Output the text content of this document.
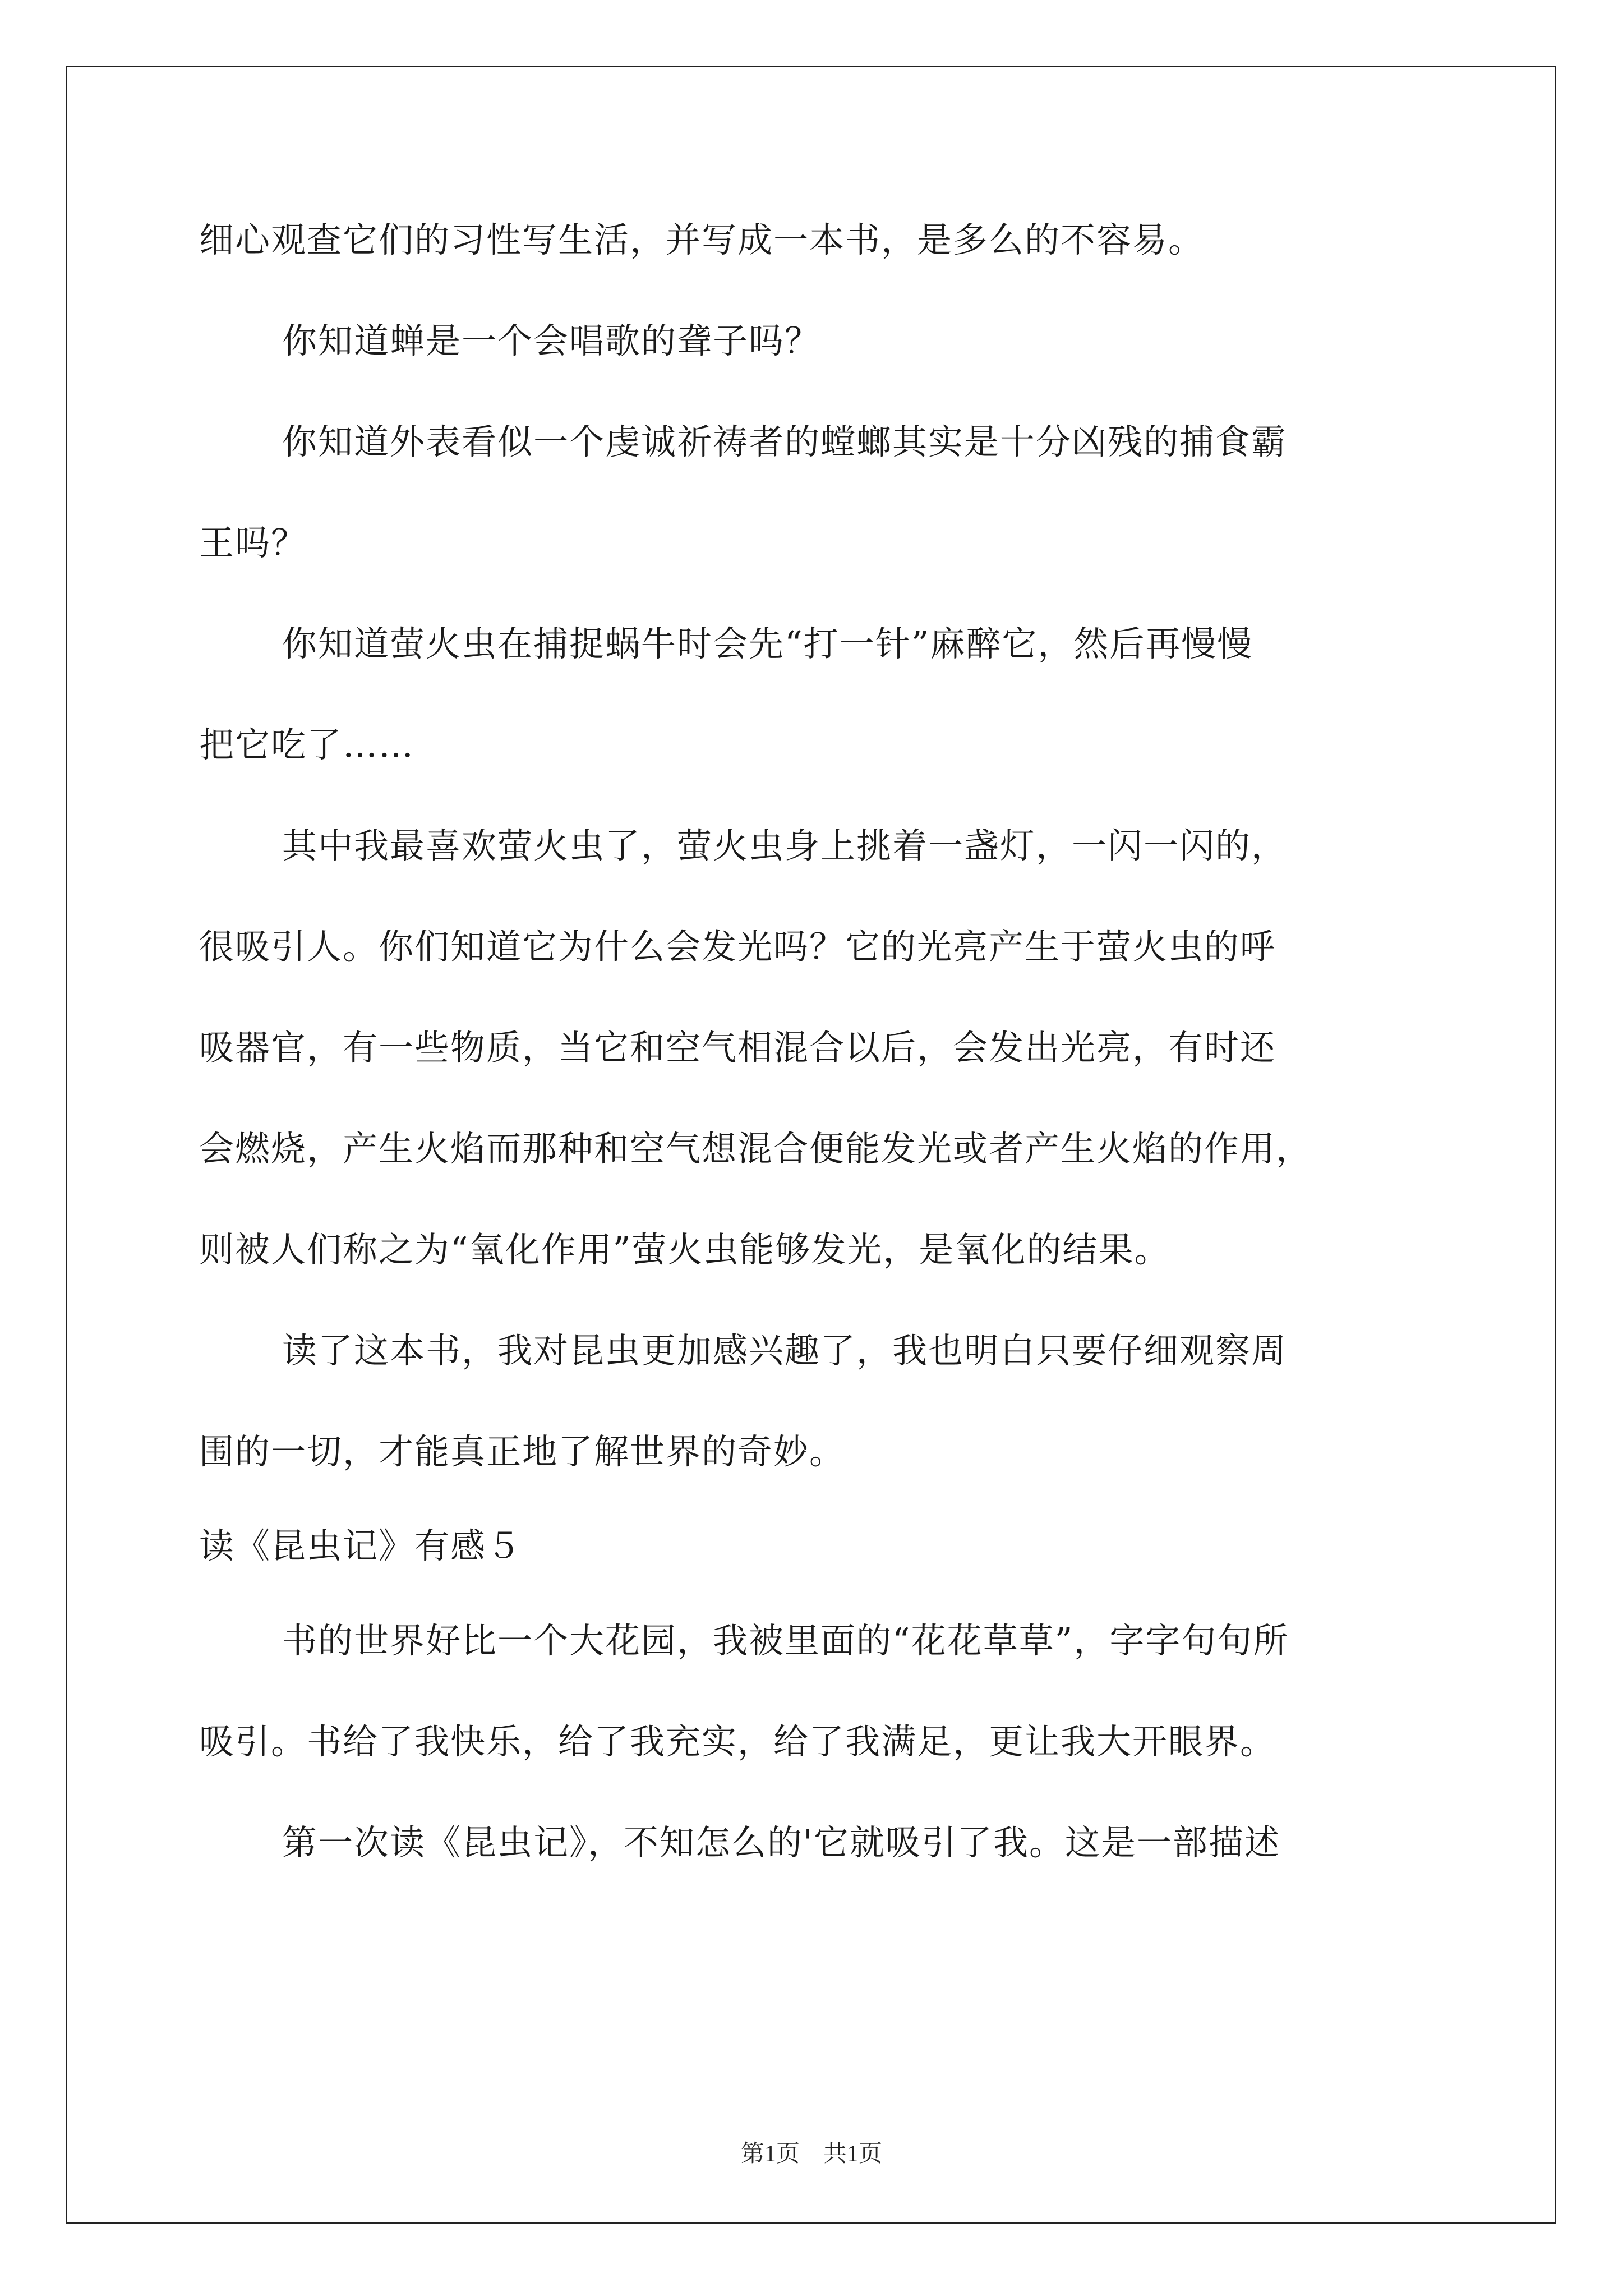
细心观查它们的习性写生活，并写成一本书，是多么的不容易。
你知道蝉是一个会唱歌的聋子吗？
你知道外表看似一个虔诚祈祷者的螳螂其实是十分凶残的捕食霸
王吗？
你知道萤火虫在捕捉蜗牛时会先“打一针”麻醉它，然后再慢慢
把它吃了……
其中我最喜欢萤火虫了，萤火虫身上挑着一盏灯，一闪一闪的，
很吸引人。你们知道它为什么会发光吗？它的光亮产生于萤火虫的呼
吸器官，有一些物质，当它和空气相混合以后，会发出光亮，有时还
会燃烧，产生火焰而那种和空气想混合便能发光或者产生火焰的作用，
则被人们称之为“氧化作用”萤火虫能够发光，是氧化的结果。
读了这本书，我对昆虫更加感兴趣了，我也明白只要仔细观察周
围的一切，才能真正地了解世界的奇妙。
读《昆虫记》有感５
书的世界好比一个大花园，我被里面的“花花草草”，字字句句所
吸引。书给了我快乐，给了我充实，给了我满足，更让我大开眼界。
第一次读《昆虫记》，不知怎么的'它就吸引了我。这是一部描述
第1页　共1页
